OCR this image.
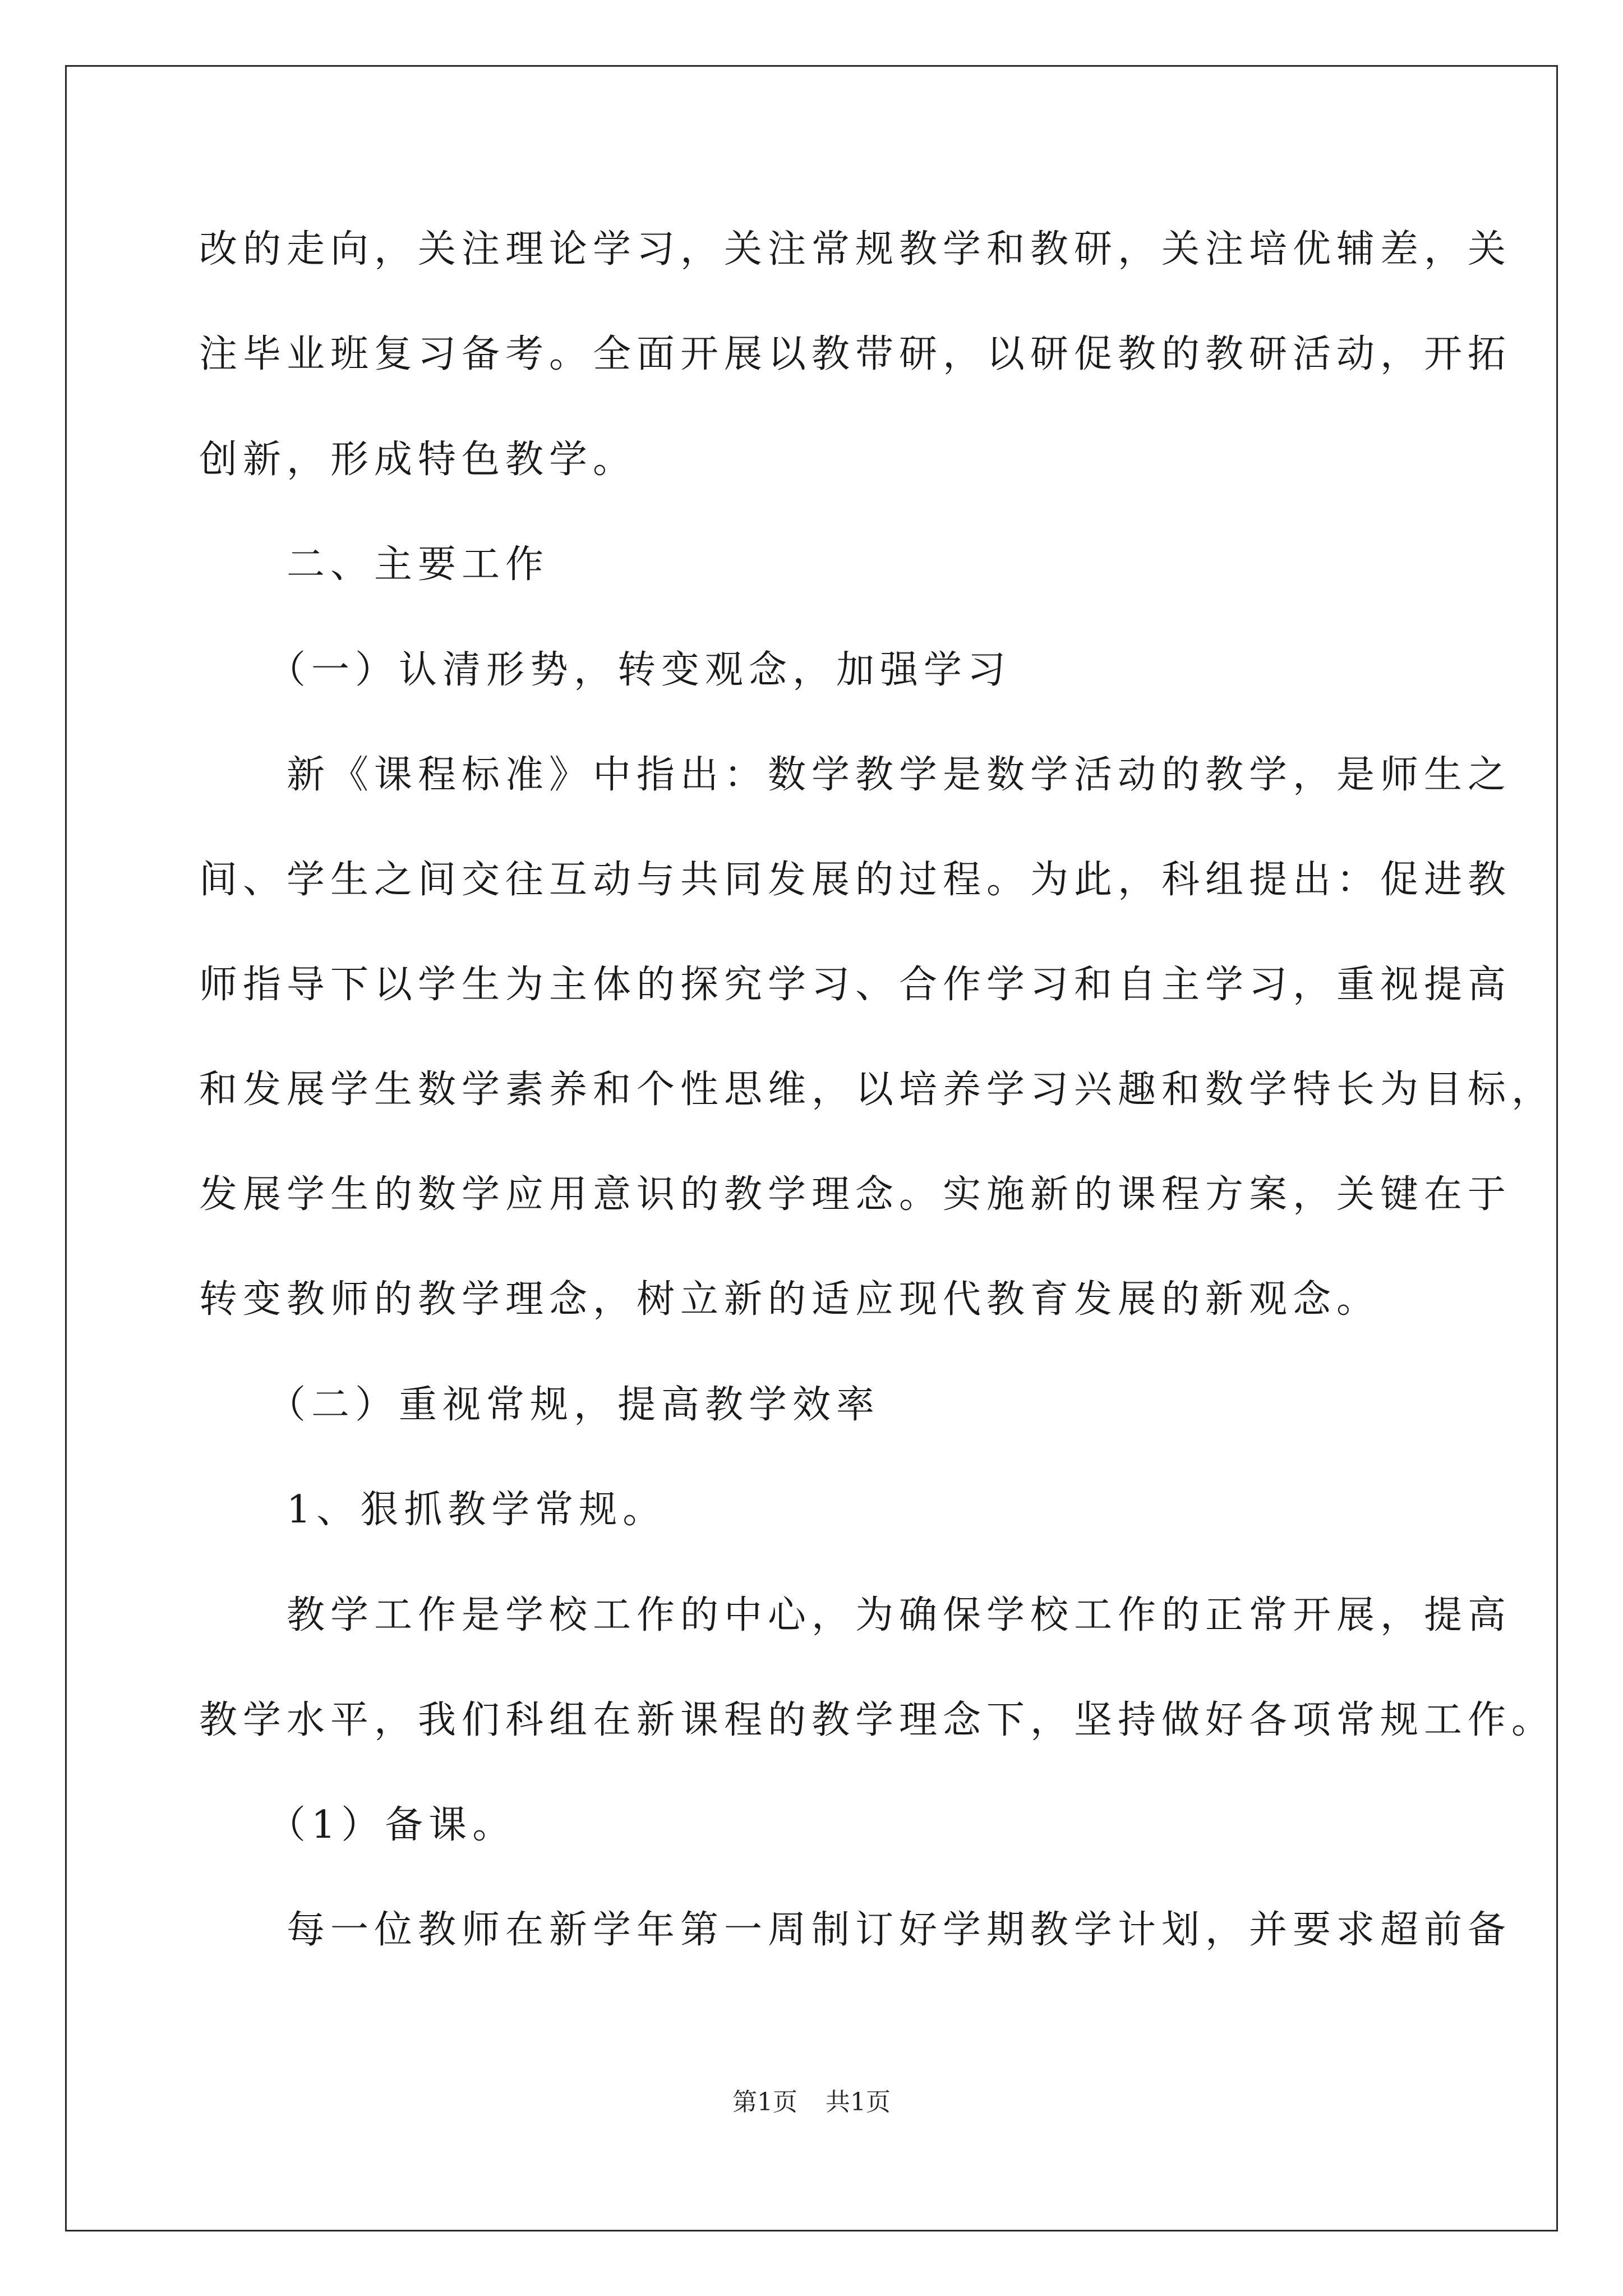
改的走向，关注理论学习，关注常规教学和教研，关注培优辅差，关
注毕业班复习备考。全面开展以教带研，以研促教的教研活动，开拓
创新，形成特色教学。
　　二、主要工作
　　（一）认清形势，转变观念，加强学习
　　新《课程标准》中指出：数学教学是数学活动的教学，是师生之
间、学生之间交往互动与共同发展的过程。为此，科组提出：促进教
师指导下以学生为主体的探究学习、合作学习和自主学习，重视提高
和发展学生数学素养和个性思维，以培养学习兴趣和数学特长为目标，
发展学生的数学应用意识的教学理念。实施新的课程方案，关键在于
转变教师的教学理念，树立新的适应现代教育发展的新观念。
　　（二）重视常规，提高教学效率
　　1、狠抓教学常规。
　　教学工作是学校工作的中心，为确保学校工作的正常开展，提高
教学水平，我们科组在新课程的教学理念下，坚持做好各项常规工作。
　　（1）备课。
　　每一位教师在新学年第一周制订好学期教学计划，并要求超前备
第1页 共1页
